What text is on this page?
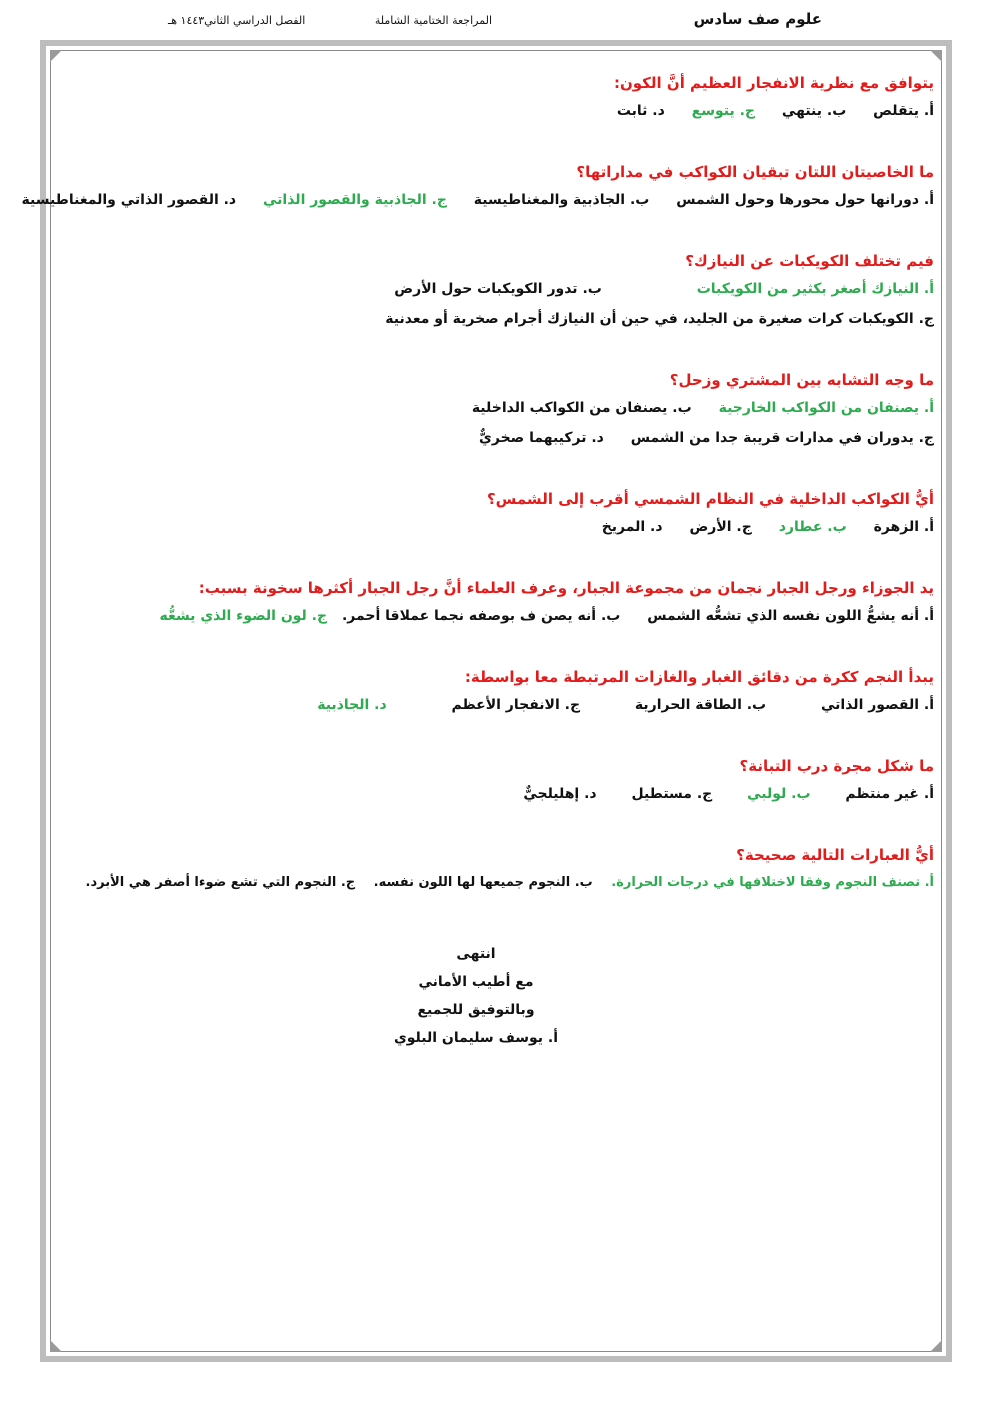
علوم صف سادس
المراجعة الختامية الشاملة
الفصل الدراسي الثاني١٤٤٣ هـ
يتوافق مع نظرية الانفجار العظيم أنَّ الكون:
أ. يتقلص ب. ينتهي ج. يتوسع د. ثابت
ما الخاصيتان اللتان تبقيان الكواكب في مداراتها؟
أ. دورانها حول محورها وحول الشمس ب. الجاذبية والمغناطيسية ج. الجاذبية والقصور الذاتي د. القصور الذاتي والمغناطيسية
فيم تختلف الكويكبات عن النيازك؟
أ. النيازك أصغر بكثير من الكويكبات ب. تدور الكويكبات حول الأرض
ج. الكويكبات كرات صغيرة من الجليد، في حين أن النيازك أجرام صخرية أو معدنية
ما وجه التشابه بين المشتري وزحل؟
أ. يصنفان من الكواكب الخارجية ب. يصنفان من الكواكب الداخلية
ج. يدوران في مدارات قريبة جدا من الشمس د. تركيبهما صخريٌّ
أيُّ الكواكب الداخلية في النظام الشمسي أقرب إلى الشمس؟
أ. الزهرة ب. عطارد ج. الأرض د. المريخ
يد الجوزاء ورجل الجبار نجمان من مجموعة الجبار، وعرف العلماء أنَّ رجل الجبار أكثرها سخونة بسبب:
أ. أنه يشعُّ اللون نفسه الذي تشعُّه الشمس ب. أنه يصن ف بوصفه نجما عملاقا أحمر. ج. لون الضوء الذي يشعُّه
يبدأ النجم ككرة من دقائق الغبار والغازات المرتبطة معا بواسطة:
أ. القصور الذاتي ب. الطاقة الحرارية ج. الانفجار الأعظم د. الجاذبية
ما شكل مجرة درب التبانة؟
أ. غير منتظم ب. لولبي ج. مستطيل د. إهليلجيٌّ
أيُّ العبارات التالية صحيحة؟
أ. تصنف النجوم وفقا لاختلافها في درجات الحرارة. ب. النجوم جميعها لها اللون نفسه. ج. النجوم التي تشع ضوءا أصفر هي الأبرد.
انتهى
مع أطيب الأماني
وبالتوفيق للجميع
أ. يوسف سليمان البلوي
